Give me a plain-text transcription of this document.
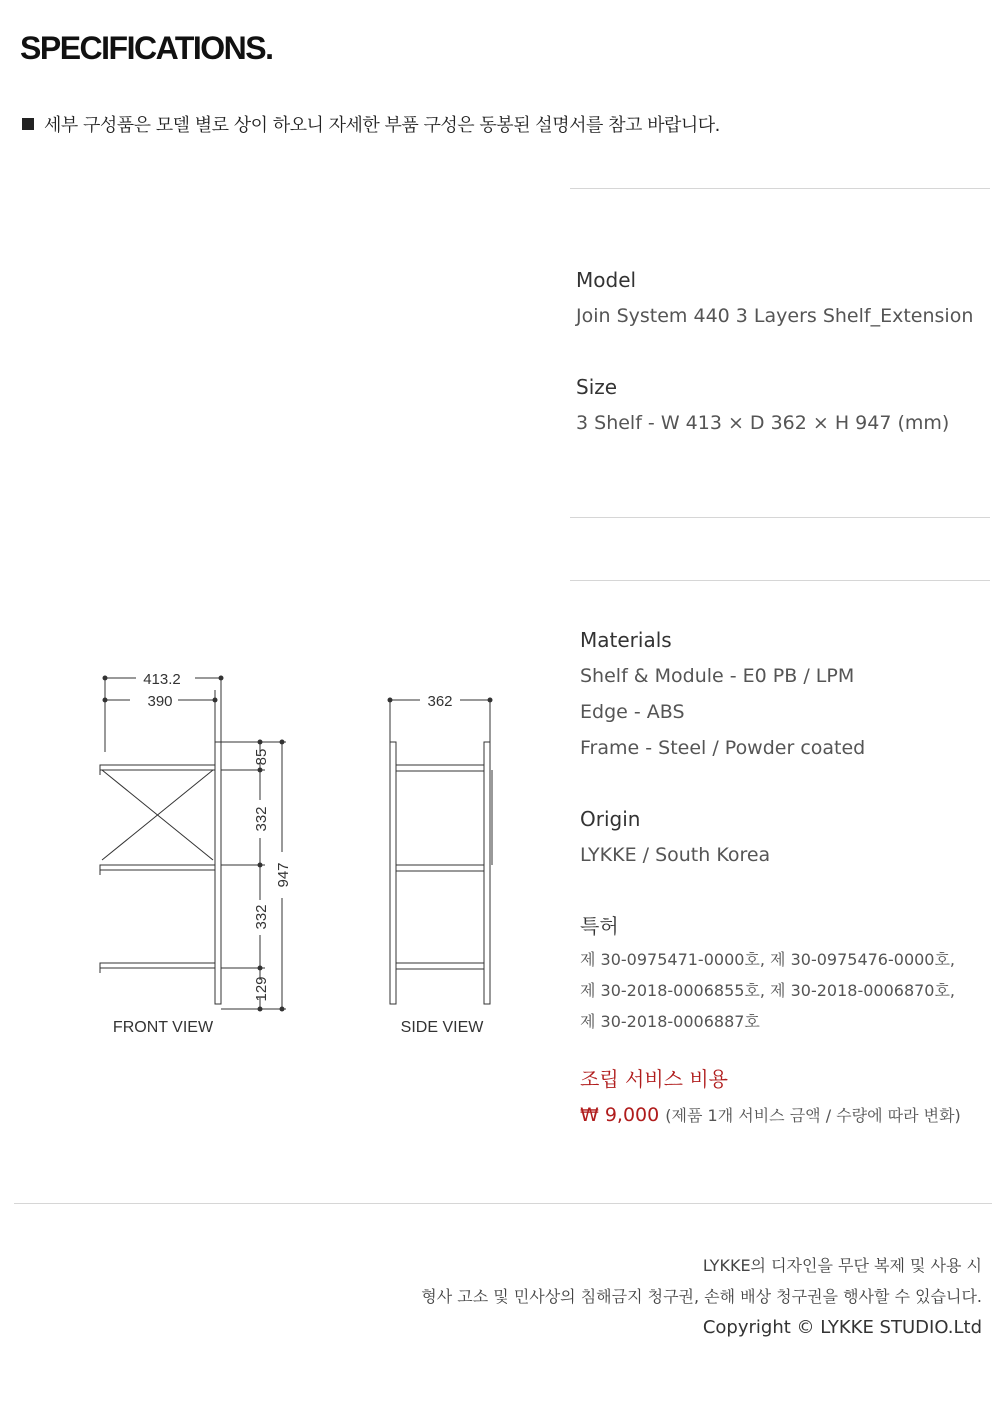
SPECIFICATIONS.
세부 구성품은 모델 별로 상이 하오니 자세한 부품 구성은 동봉된 설명서를 참고 바랍니다.
Model
Join System 440 3 Layers Shelf_Extension
Size
3 Shelf - W 413 × D 362 × H 947 (mm)
413.2
390
85
332
332
129
947
362
FRONT VIEW	SIDE VIEW
Materials
Shelf & Module - E0 PB / LPM
Edge - ABS
Frame - Steel / Powder coated
Origin
LYKKE / South Korea
특허
제 30-0975471-0000호, 제 30-0975476-0000호,
제 30-2018-0006855호, 제 30-2018-0006870호,
제 30-2018-0006887호
조립 서비스 비용
₩ 9,000 (제품 1개 서비스 금액 / 수량에 따라 변화)
LYKKE의 디자인을 무단 복제 및 사용 시
형사 고소 및 민사상의 침해금지 청구권, 손해 배상 청구권을 행사할 수 있습니다.
Copyright © LYKKE STUDIO.Ltd
